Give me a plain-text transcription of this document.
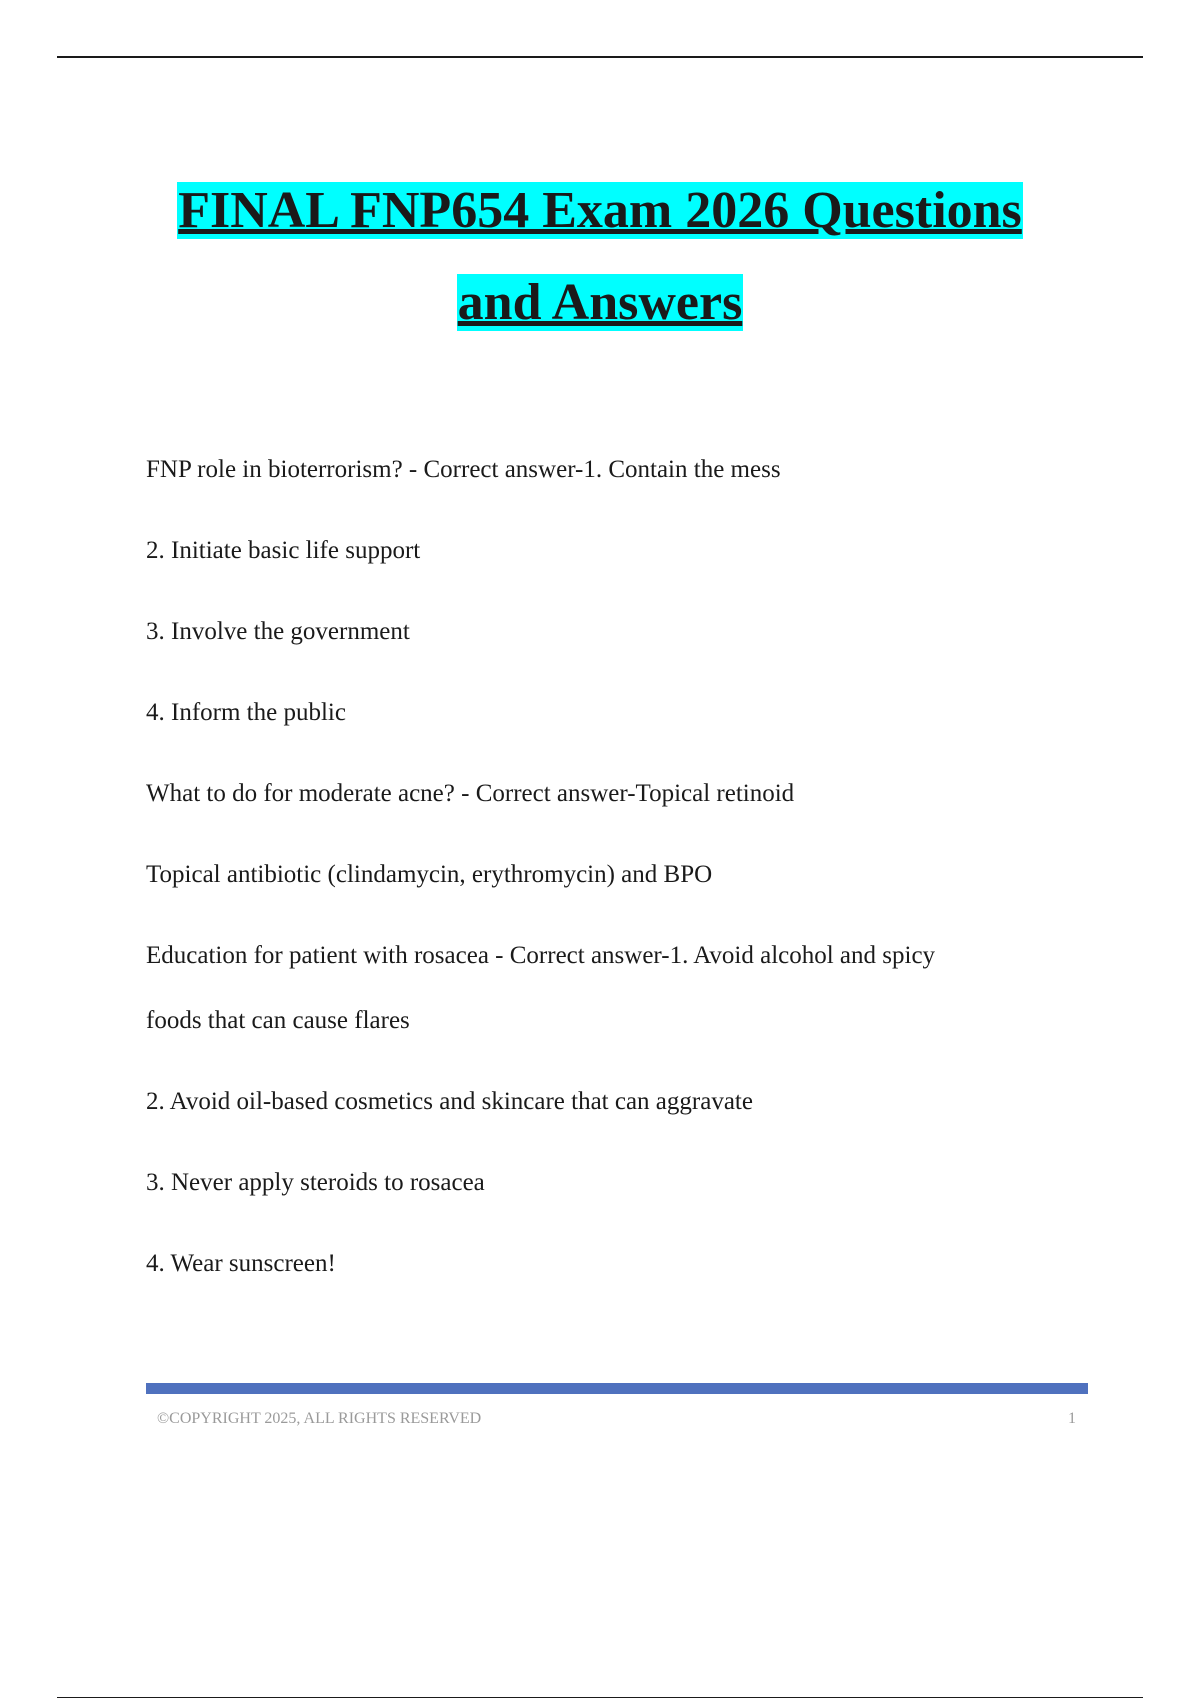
FINAL FNP654 Exam 2026 Questions
and Answers

FNP role in bioterrorism? - Correct answer-1. Contain the mess

2. Initiate basic life support

3. Involve the government

4. Inform the public

What to do for moderate acne? - Correct answer-Topical retinoid

Topical antibiotic (clindamycin, erythromycin) and BPO

Education for patient with rosacea - Correct answer-1. Avoid alcohol and spicy

foods that can cause flares

2. Avoid oil-based cosmetics and skincare that can aggravate

3. Never apply steroids to rosacea

4. Wear sunscreen!

©COPYRIGHT 2025, ALL RIGHTS RESERVED	1
